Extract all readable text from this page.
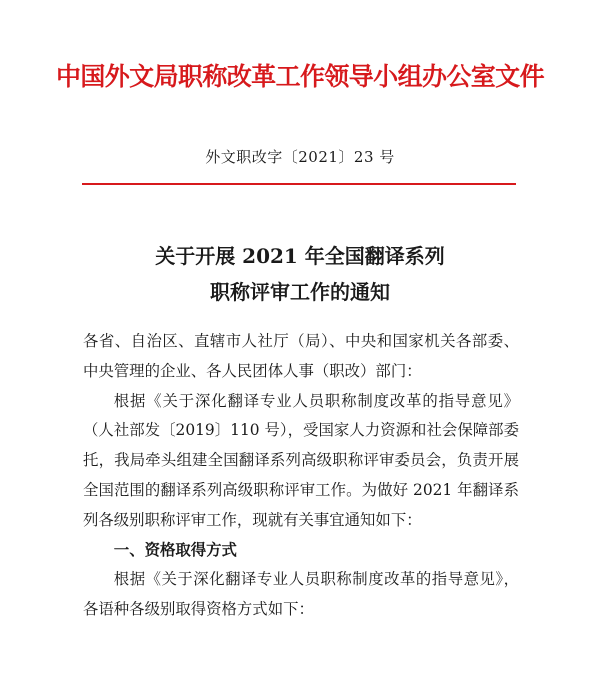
中国外文局职称改革工作领导小组办公室文件
外文职改字〔2021〕23 号
关于开展 2021 年全国翻译系列
职称评审工作的通知

各省、自治区、直辖市人社厅（局）、中央和国家机关各部委、中央管理的企业、各人民团体人事（职改）部门：

根据《关于深化翻译专业人员职称制度改革的指导意见》（人社部发〔2019〕110 号），受国家人力资源和社会保障部委托，我局牵头组建全国翻译系列高级职称评审委员会，负责开展全国范围的翻译系列高级职称评审工作。为做好 2021 年翻译系列各级别职称评审工作，现就有关事宜通知如下：

一、资格取得方式

根据《关于深化翻译专业人员职称制度改革的指导意见》，各语种各级别取得资格方式如下：
